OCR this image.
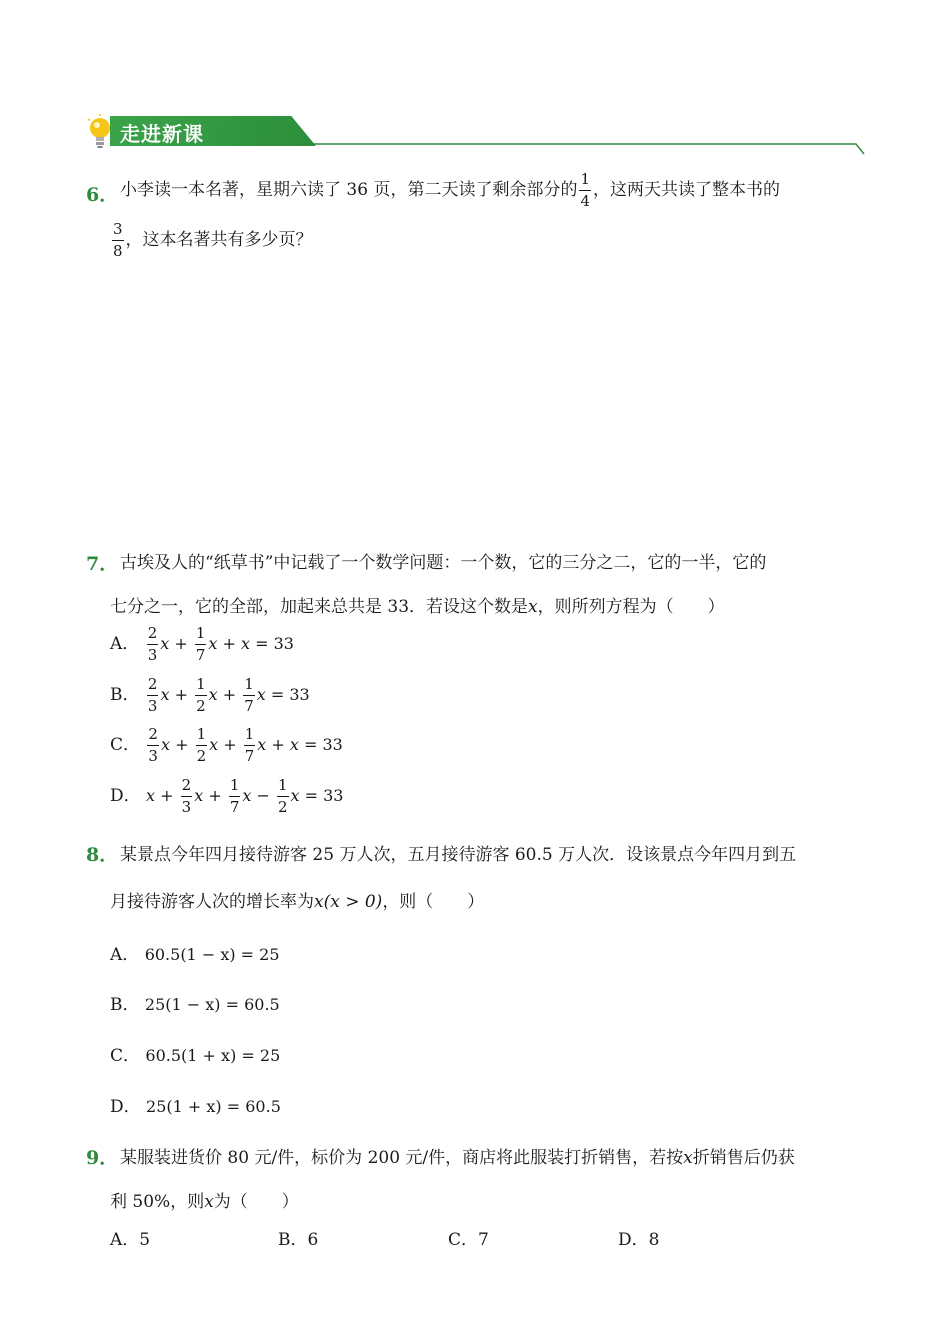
走进新课
6． 小李读一本名著，星期六读了 36 页，第二天读了剩余部分的 $\frac{1}{4}$ ，这两天共读了整本书的
$\frac{3}{8}$ ，这本名著共有多少页？
7． 古埃及人的“纸草书”中记载了一个数学问题：一个数，它的三分之二，它的一半，它的
七分之一，它的全部，加起来总共是 33．若设这个数是x，则所列方程为（　　）
A． $\frac{2}{3}$ $x + \frac{1}{7}$ x + x = 33
B． $\frac{2}{3}$ $x + \frac{1}{2}$ $x + \frac{1}{7}$ x = 33
C． $\frac{2}{3}$ $x + \frac{1}{2}$ $x + \frac{1}{7}$ x + x = 33
D． $x + \frac{2}{3}$ $x + \frac{1}{7}$ $x - \frac{1}{2}$ x = 33
8． 某景点今年四月接待游客 25 万人次，五月接待游客 60.5 万人次．设该景点今年四月到五
月接待游客人次的增长率为x(x > 0)，则（　　）
A． 60.5(1 − x) = 25
B． 25(1 − x) = 60.5
C． 60.5(1 + x) = 25
D． 25(1 + x) = 60.5
9． 某服装进货价 80 元/件，标价为 200 元/件，商店将此服装打折销售，若按x折销售后仍获
利 50%，则x为（　　）
A．5	B．6	C．7	D．8
